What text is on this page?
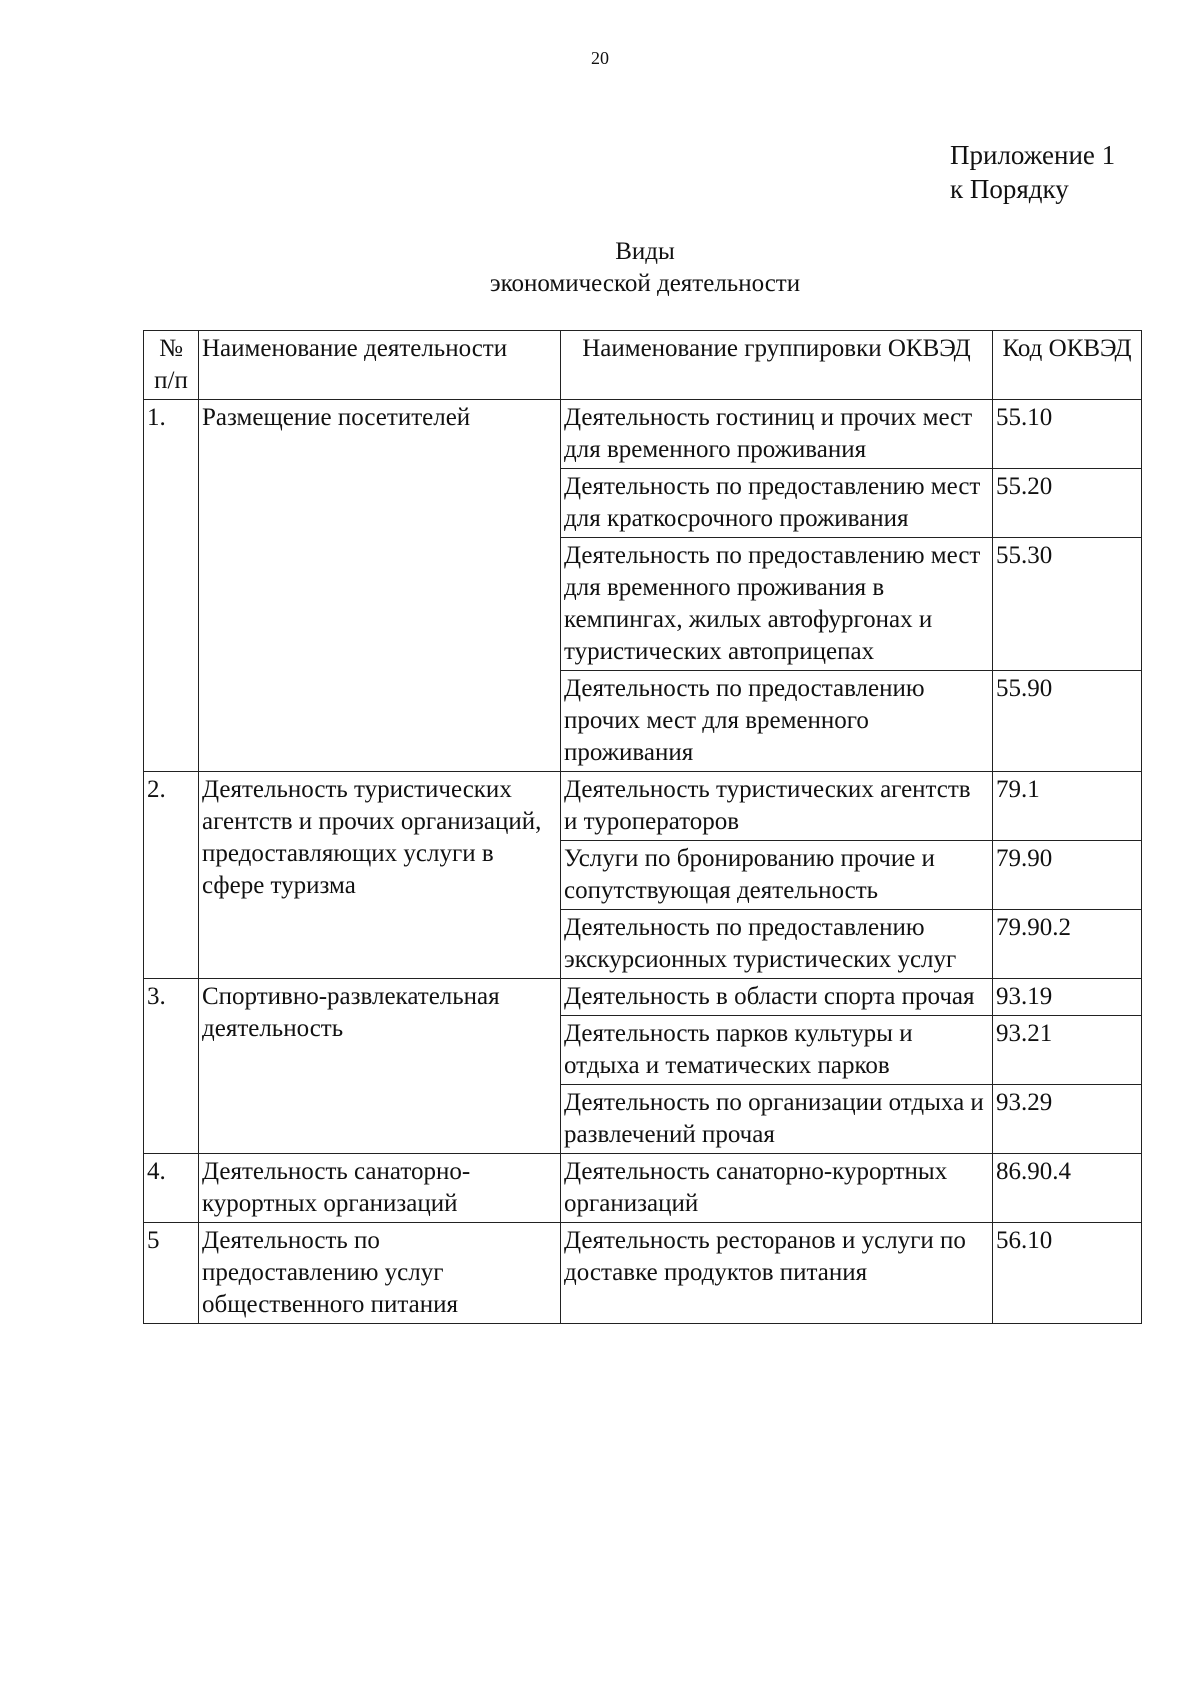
20
Приложение 1
к Порядку
Виды
экономической деятельности
№ п/п	Наименование деятельности	Наименование группировки ОКВЭД	Код ОКВЭД
1.	Размещение посетителей	Деятельность гостиниц и прочих мест для временного проживания	55.10
		Деятельность по предоставлению мест для краткосрочного проживания	55.20
		Деятельность по предоставлению мест для временного проживания в кемпингах, жилых автофургонах и туристических автоприцепах	55.30
		Деятельность по предоставлению прочих мест для временного проживания	55.90
2.	Деятельность туристических агентств и прочих организаций, предоставляющих услуги в сфере туризма	Деятельность туристических агентств и туроператоров	79.1
		Услуги по бронированию прочие и сопутствующая деятельность	79.90
		Деятельность по предоставлению экскурсионных туристических услуг	79.90.2
3.	Спортивно-развлекательная деятельность	Деятельность в области спорта прочая	93.19
		Деятельность парков культуры и отдыха и тематических парков	93.21
		Деятельность по организации отдыха и развлечений прочая	93.29
4.	Деятельность санаторно-курортных организаций	Деятельность санаторно-курортных организаций	86.90.4
5	Деятельность по предоставлению услуг общественного питания	Деятельность ресторанов и услуги по доставке продуктов питания	56.10
